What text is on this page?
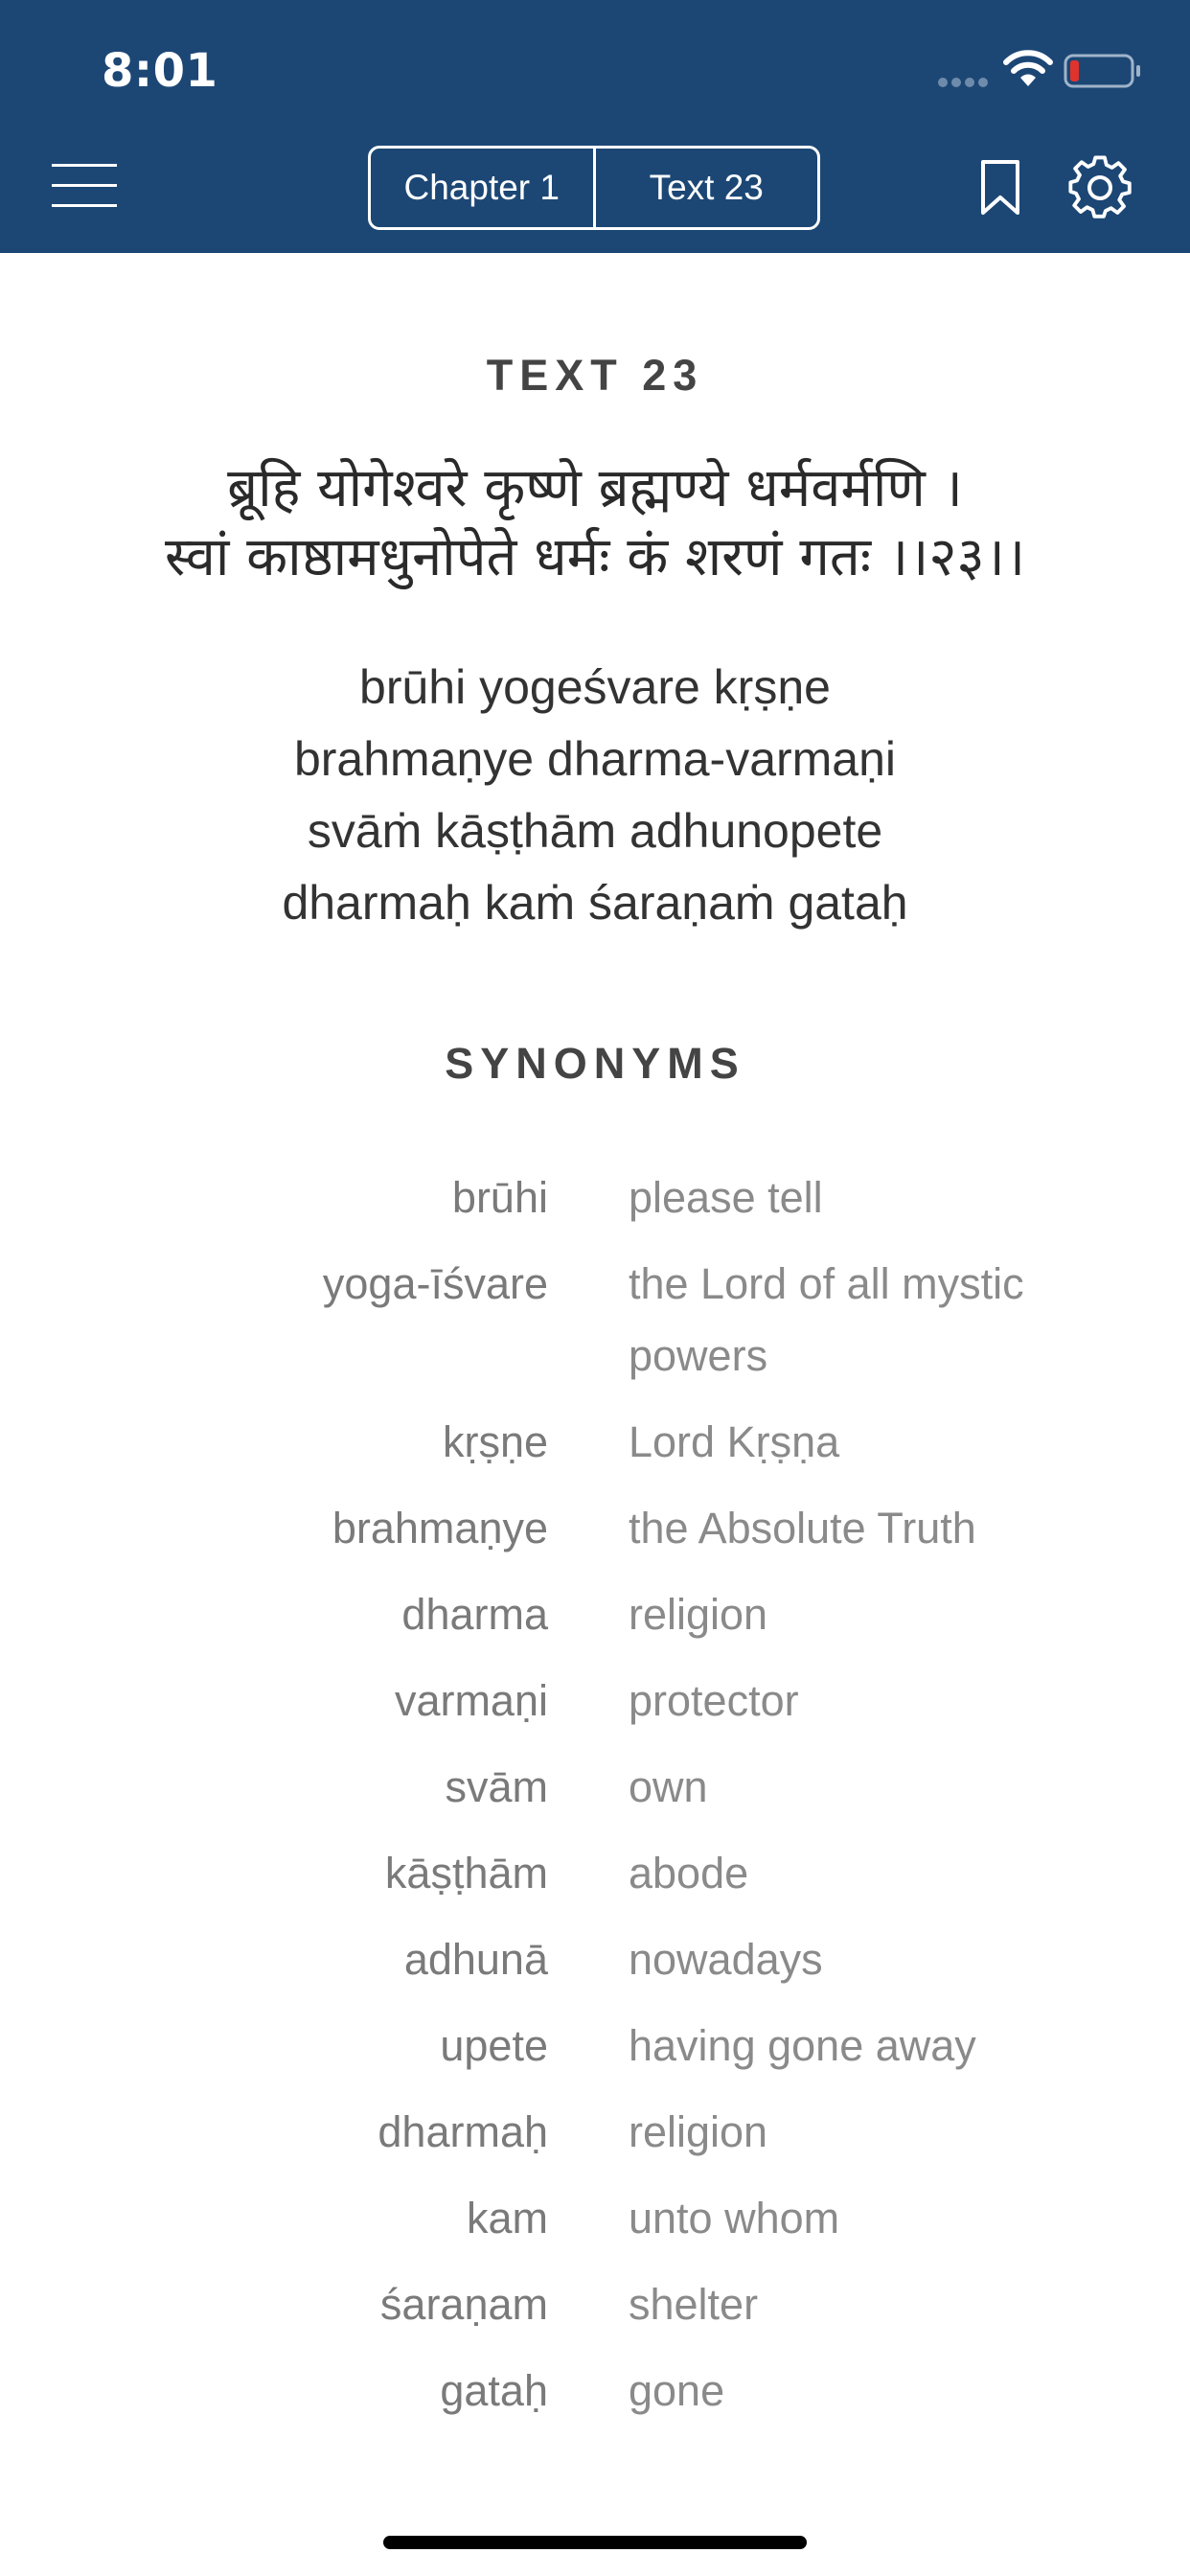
8:01
Chapter 1	Text 23
TEXT 23
ब्रूहि योगेश्वरे कृष्णे ब्रह्मण्ये धर्मवर्मणि ।
स्वां काष्ठामधुनोपेते धर्मः कं शरणं गतः ।।२३।।
brūhi yogeśvare kṛṣṇe
brahmaṇye dharma-varmaṇi
svāṁ kāṣṭhām adhunopete
dharmaḥ kaṁ śaraṇaṁ gataḥ
SYNONYMS
brūhi please tell
yoga-īśvare the Lord of all mystic powers
kṛṣṇe Lord Kṛṣṇa
brahmaṇye the Absolute Truth
dharma religion
varmaṇi protector
svām own
kāṣṭhām abode
adhunā nowadays
upete having gone away
dharmaḥ religion
kam unto whom
śaraṇam shelter
gataḥ gone
